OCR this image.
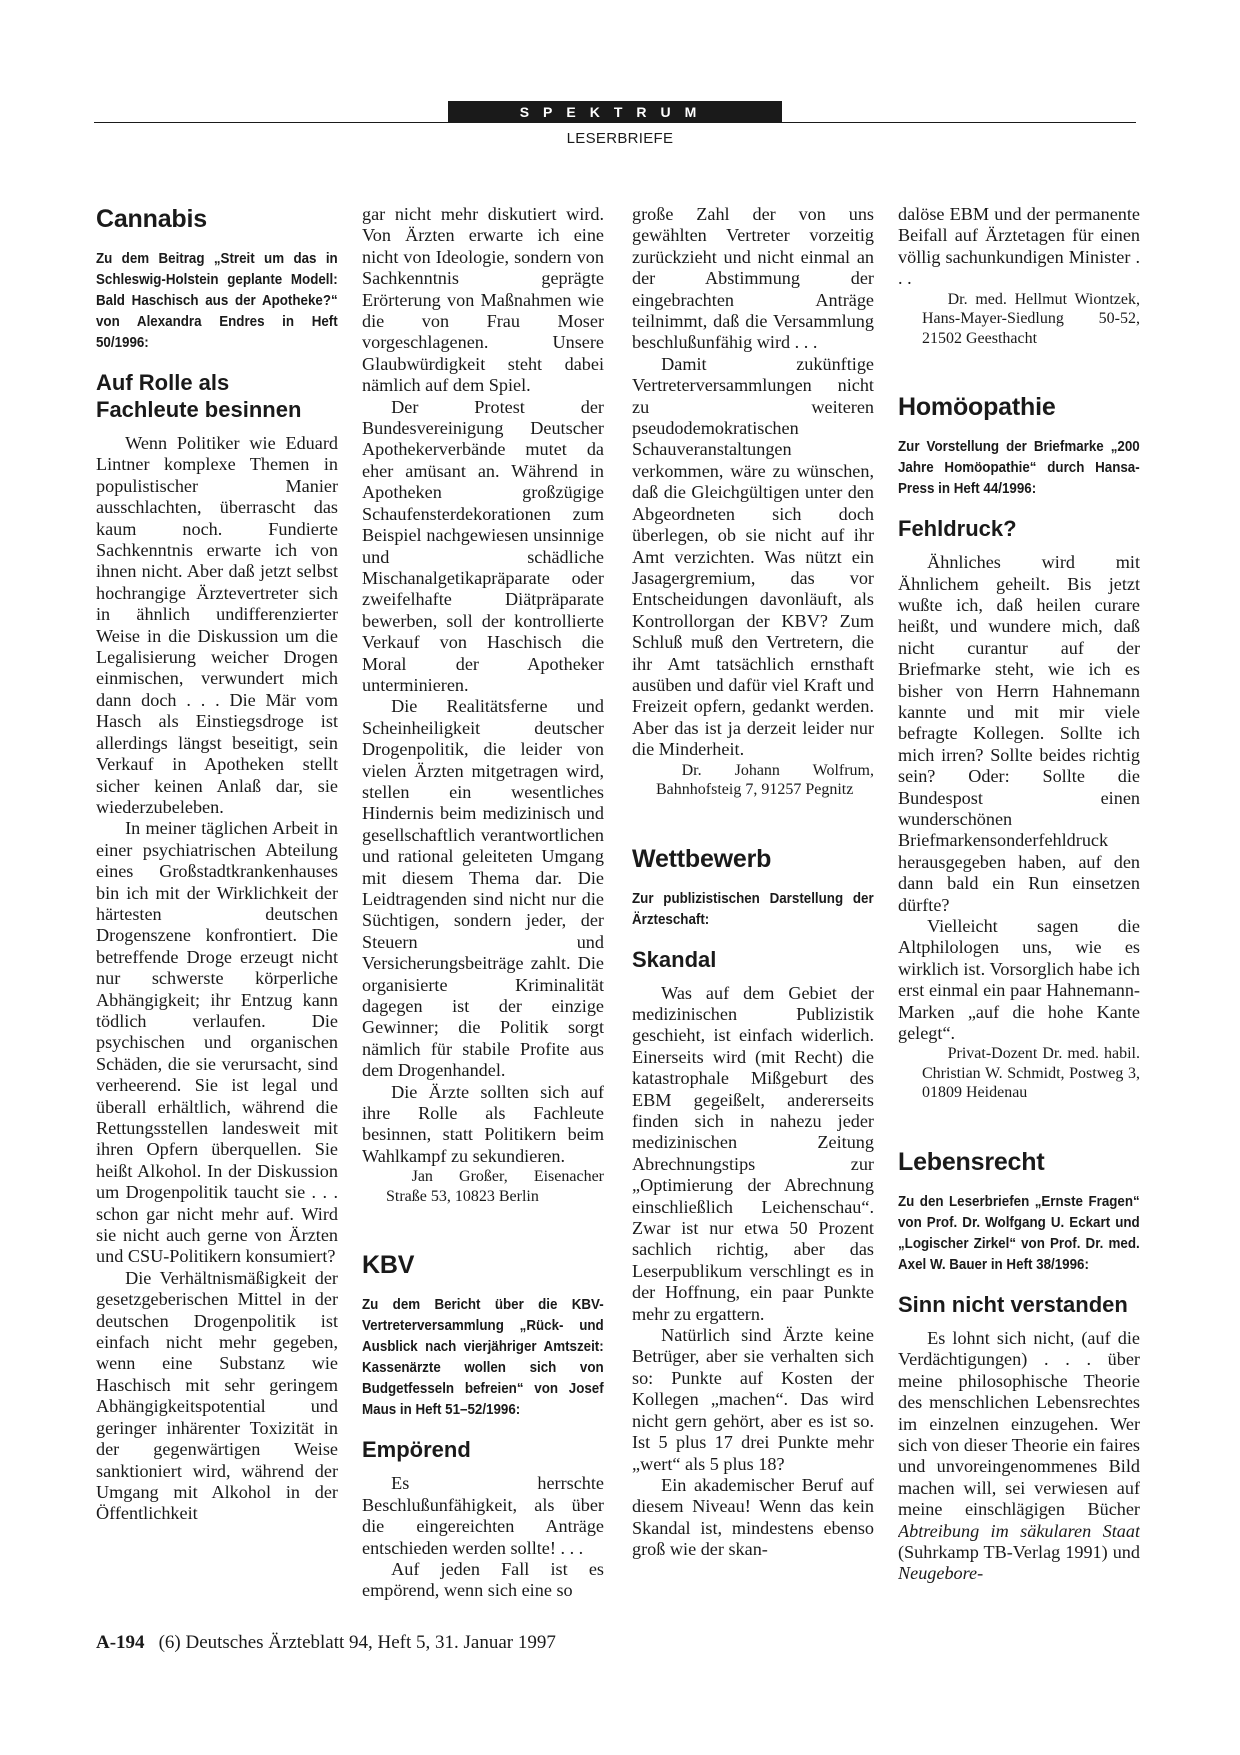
SPEKTRUM
LESERBRIEFE
Cannabis
Zu dem Beitrag „Streit um das in Schleswig-Holstein geplante Modell: Bald Haschisch aus der Apotheke?“ von Alexandra Endres in Heft 50/1996:
Auf Rolle als Fachleute besinnen

Wenn Politiker wie Eduard Lintner komplexe Themen in populistischer Manier ausschlachten, überrascht das kaum noch. Fundierte Sachkenntnis erwarte ich von ihnen nicht. Aber daß jetzt selbst hochrangige Ärztevertreter sich in ähnlich undifferenzierter Weise in die Diskussion um die Legalisierung weicher Drogen einmischen, verwundert mich dann doch . . . Die Mär vom Hasch als Einstiegsdroge ist allerdings längst beseitigt, sein Verkauf in Apotheken stellt sicher keinen Anlaß dar, sie wiederzubeleben.

In meiner täglichen Arbeit in einer psychiatrischen Abteilung eines Großstadtkrankenhauses bin ich mit der Wirklichkeit der härtesten deutschen Drogenszene konfrontiert. Die betreffende Droge erzeugt nicht nur schwerste körperliche Abhängigkeit; ihr Entzug kann tödlich verlaufen. Die psychischen und organischen Schäden, die sie verursacht, sind verheerend. Sie ist legal und überall erhältlich, während die Rettungsstellen landesweit mit ihren Opfern überquellen. Sie heißt Alkohol. In der Diskussion um Drogenpolitik taucht sie . . . schon gar nicht mehr auf. Wird sie nicht auch gerne von Ärzten und CSU-Politikern konsumiert?

Die Verhältnismäßigkeit der gesetzgeberischen Mittel in der deutschen Drogenpolitik ist einfach nicht mehr gegeben, wenn eine Substanz wie Haschisch mit sehr geringem Abhängigkeitspotential und geringer inhärenter Toxizität in der gegenwärtigen Weise sanktioniert wird, während der Umgang mit Alkohol in der Öffentlichkeit

gar nicht mehr diskutiert wird. Von Ärzten erwarte ich eine nicht von Ideologie, sondern von Sachkenntnis geprägte Erörterung von Maßnahmen wie die von Frau Moser vorgeschlagenen. Unsere Glaubwürdigkeit steht dabei nämlich auf dem Spiel.

Der Protest der Bundesvereinigung Deutscher Apothekerverbände mutet da eher amüsant an. Während in Apotheken großzügige Schaufensterdekorationen zum Beispiel nachgewiesen unsinnige und schädliche Mischanalgetikapräparate oder zweifelhafte Diätpräparate bewerben, soll der kontrollierte Verkauf von Haschisch die Moral der Apotheker unterminieren.

Die Realitätsferne und Scheinheiligkeit deutscher Drogenpolitik, die leider von vielen Ärzten mitgetragen wird, stellen ein wesentliches Hindernis beim medizinisch und gesellschaftlich verantwortlichen und rational geleiteten Umgang mit diesem Thema dar. Die Leidtragenden sind nicht nur die Süchtigen, sondern jeder, der Steuern und Versicherungsbeiträge zahlt. Die organisierte Kriminalität dagegen ist der einzige Gewinner; die Politik sorgt nämlich für stabile Profite aus dem Drogenhandel.

Die Ärzte sollten sich auf ihre Rolle als Fachleute besinnen, statt Politikern beim Wahlkampf zu sekundieren.

Jan Großer, Eisenacher Straße 53, 10823 Berlin

KBV
Zu dem Bericht über die KBV-Vertreterversammlung „Rück- und Ausblick nach vierjähriger Amtszeit: Kassenärzte wollen sich von Budgetfesseln befreien“ von Josef Maus in Heft 51–52/1996:
Empörend

Es herrschte Beschlußunfähigkeit, als über die eingereichten Anträge entschieden werden sollte! . . .

Auf jeden Fall ist es empörend, wenn sich eine so

große Zahl der von uns gewählten Vertreter vorzeitig zurückzieht und nicht einmal an der Abstimmung der eingebrachten Anträge teilnimmt, daß die Versammlung beschlußunfähig wird . . .

Damit zukünftige Vertreterversammlungen nicht zu weiteren pseudodemokratischen Schauveranstaltungen verkommen, wäre zu wünschen, daß die Gleichgültigen unter den Abgeordneten sich doch überlegen, ob sie nicht auf ihr Amt verzichten. Was nützt ein Jasagergremium, das vor Entscheidungen davonläuft, als Kontrollorgan der KBV? Zum Schluß muß den Vertretern, die ihr Amt tatsächlich ernsthaft ausüben und dafür viel Kraft und Freizeit opfern, gedankt werden. Aber das ist ja derzeit leider nur die Minderheit.

Dr. Johann Wolfrum, Bahnhofsteig 7, 91257 Pegnitz

Wettbewerb
Zur publizistischen Darstellung der Ärzteschaft:
Skandal

Was auf dem Gebiet der medizinischen Publizistik geschieht, ist einfach widerlich. Einerseits wird (mit Recht) die katastrophale Mißgeburt des EBM gegeißelt, andererseits finden sich in nahezu jeder medizinischen Zeitung Abrechnungstips zur „Optimierung der Abrechnung einschließlich Leichenschau“. Zwar ist nur etwa 50 Prozent sachlich richtig, aber das Leserpublikum verschlingt es in der Hoffnung, ein paar Punkte mehr zu ergattern.

Natürlich sind Ärzte keine Betrüger, aber sie verhalten sich so: Punkte auf Kosten der Kollegen „machen“. Das wird nicht gern gehört, aber es ist so. Ist 5 plus 17 drei Punkte mehr „wert“ als 5 plus 18?

Ein akademischer Beruf auf diesem Niveau! Wenn das kein Skandal ist, mindestens ebenso groß wie der skan-

dalöse EBM und der permanente Beifall auf Ärztetagen für einen völlig sachunkundigen Minister . . .

Dr. med. Hellmut Wiontzek, Hans-Mayer-Siedlung 50-52, 21502 Geesthacht

Homöopathie
Zur Vorstellung der Briefmarke „200 Jahre Homöopathie“ durch Hansa-Press in Heft 44/1996:
Fehldruck?

Ähnliches wird mit Ähnlichem geheilt. Bis jetzt wußte ich, daß heilen curare heißt, und wundere mich, daß nicht curantur auf der Briefmarke steht, wie ich es bisher von Herrn Hahnemann kannte und mit mir viele befragte Kollegen. Sollte ich mich irren? Sollte beides richtig sein? Oder: Sollte die Bundespost einen wunderschönen Briefmarkensonderfehldruck herausgegeben haben, auf den dann bald ein Run einsetzen dürfte?

Vielleicht sagen die Altphilologen uns, wie es wirklich ist. Vorsorglich habe ich erst einmal ein paar Hahnemann-Marken „auf die hohe Kante gelegt“.

Privat-Dozent Dr. med. habil. Christian W. Schmidt, Postweg 3, 01809 Heidenau

Lebensrecht
Zu den Leserbriefen „Ernste Fragen“ von Prof. Dr. Wolfgang U. Eckart und „Logischer Zirkel“ von Prof. Dr. med. Axel W. Bauer in Heft 38/1996:
Sinn nicht verstanden

Es lohnt sich nicht, (auf die Verdächtigungen) . . . über meine philosophische Theorie des menschlichen Lebensrechtes im einzelnen einzugehen. Wer sich von dieser Theorie ein faires und unvoreingenommenes Bild machen will, sei verwiesen auf meine einschlägigen Bücher Abtreibung im säkularen Staat (Suhrkamp TB-Verlag 1991) und Neugebore-

A-194 (6) Deutsches Ärzteblatt 94, Heft 5, 31. Januar 1997
